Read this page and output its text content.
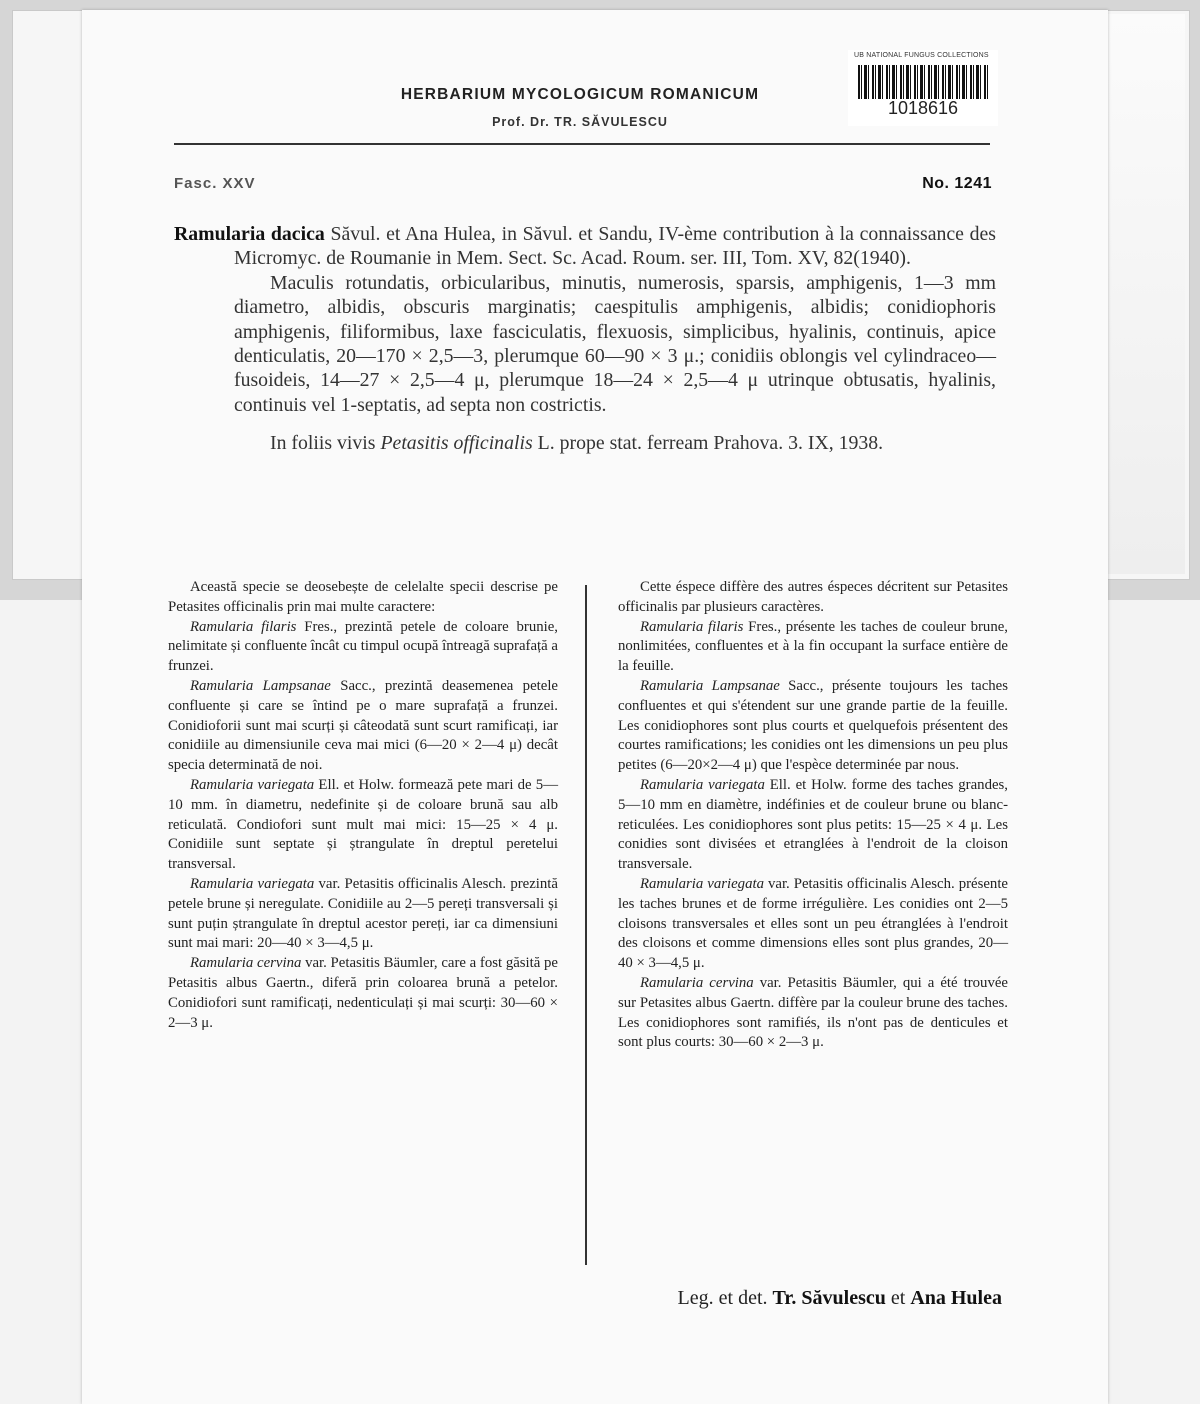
UB NATIONAL FUNGUS COLLECTIONS
1018616
HERBARIUM MYCOLOGICUM ROMANICUM
Prof. Dr. TR. SĂVULESCU
Fasc. XXV	No. 1241

Ramularia dacica Săvul. et Ana Hulea, in Săvul. et Sandu, IV-ème contribution à la connaissance des Micromyc. de Roumanie in Mem. Sect. Sc. Acad. Roum. ser. III, Tom. XV, 82(1940).

Maculis rotundatis, orbicularibus, minutis, numerosis, sparsis, amphigenis, 1—3 mm diametro, albidis, obscuris marginatis; caespitulis amphigenis, albidis; conidiophoris amphigenis, filiformibus, laxe fasciculatis, flexuosis, simplicibus, hyalinis, continuis, apice denticulatis, 20—170 × 2,5—3, plerumque 60—90 × 3 μ.; conidiis oblongis vel cylindraceo—fusoideis, 14—27 × 2,5—4 μ, plerumque 18—24 × 2,5—4 μ utrinque obtusatis, hyalinis, continuis vel 1-septatis, ad septa non costrictis.

In foliis vivis Petasitis officinalis L. prope stat. ferream Prahova. 3. IX, 1938.

Această specie se deosebește de celelalte specii descrise pe Petasites officinalis prin mai multe caractere:

Ramularia filaris Fres., prezintă petele de coloare brunie, nelimitate și confluente încât cu timpul ocupă întreagă suprafață a frunzei.

Ramularia Lampsanae Sacc., prezintă deasemenea petele confluente și care se întind pe o mare suprafață a frunzei. Conidioforii sunt mai scurți și câteodată sunt scurt ramificați, iar conidiile au dimensiunile ceva mai mici (6—20 × 2—4 μ) decât specia determinată de noi.

Ramularia variegata Ell. et Holw. formează pete mari de 5—10 mm. în diametru, nedefinite și de coloare brună sau alb reticulată. Condiofori sunt mult mai mici: 15—25 × 4 μ. Conidiile sunt septate și ștrangulate în dreptul peretelui transversal.

Ramularia variegata var. Petasitis officinalis Alesch. prezintă petele brune și neregulate. Conidiile au 2—5 pereți transversali și sunt puțin ștrangulate în dreptul acestor pereți, iar ca dimensiuni sunt mai mari: 20—40 × 3—4,5 μ.

Ramularia cervina var. Petasitis Bäumler, care a fost găsită pe Petasitis albus Gaertn., diferă prin coloarea brună a petelor. Conidiofori sunt ramificați, nedenticulați și mai scurți: 30—60 × 2—3 μ.

Cette éspece diffère des autres éspeces décritent sur Petasites officinalis par plusieurs caractères.

Ramularia filaris Fres., présente les taches de couleur brune, nonlimitées, confluentes et à la fin occupant la surface entière de la feuille.

Ramularia Lampsanae Sacc., présente toujours les taches confluentes et qui s'étendent sur une grande partie de la feuille. Les conidiophores sont plus courts et quelquefois présentent des courtes ramifications; les conidies ont les dimensions un peu plus petites (6—20×2—4 μ) que l'espèce determinée par nous.

Ramularia variegata Ell. et Holw. forme des taches grandes, 5—10 mm en diamètre, indéfinies et de couleur brune ou blanc-reticulées. Les conidiophores sont plus petits: 15—25 × 4 μ. Les conidies sont divisées et etranglées à l'endroit de la cloison transversale.

Ramularia variegata var. Petasitis officinalis Alesch. présente les taches brunes et de forme irrégulière. Les conidies ont 2—5 cloisons transversales et elles sont un peu étranglées à l'endroit des cloisons et comme dimensions elles sont plus grandes, 20—40 × 3—4,5 μ.

Ramularia cervina var. Petasitis Bäumler, qui a été trouvée sur Petasites albus Gaertn. diffère par la couleur brune des taches. Les conidiophores sont ramifiés, ils n'ont pas de denticules et sont plus courts: 30—60 × 2—3 μ.

Leg. et det. Tr. Săvulescu et Ana Hulea
